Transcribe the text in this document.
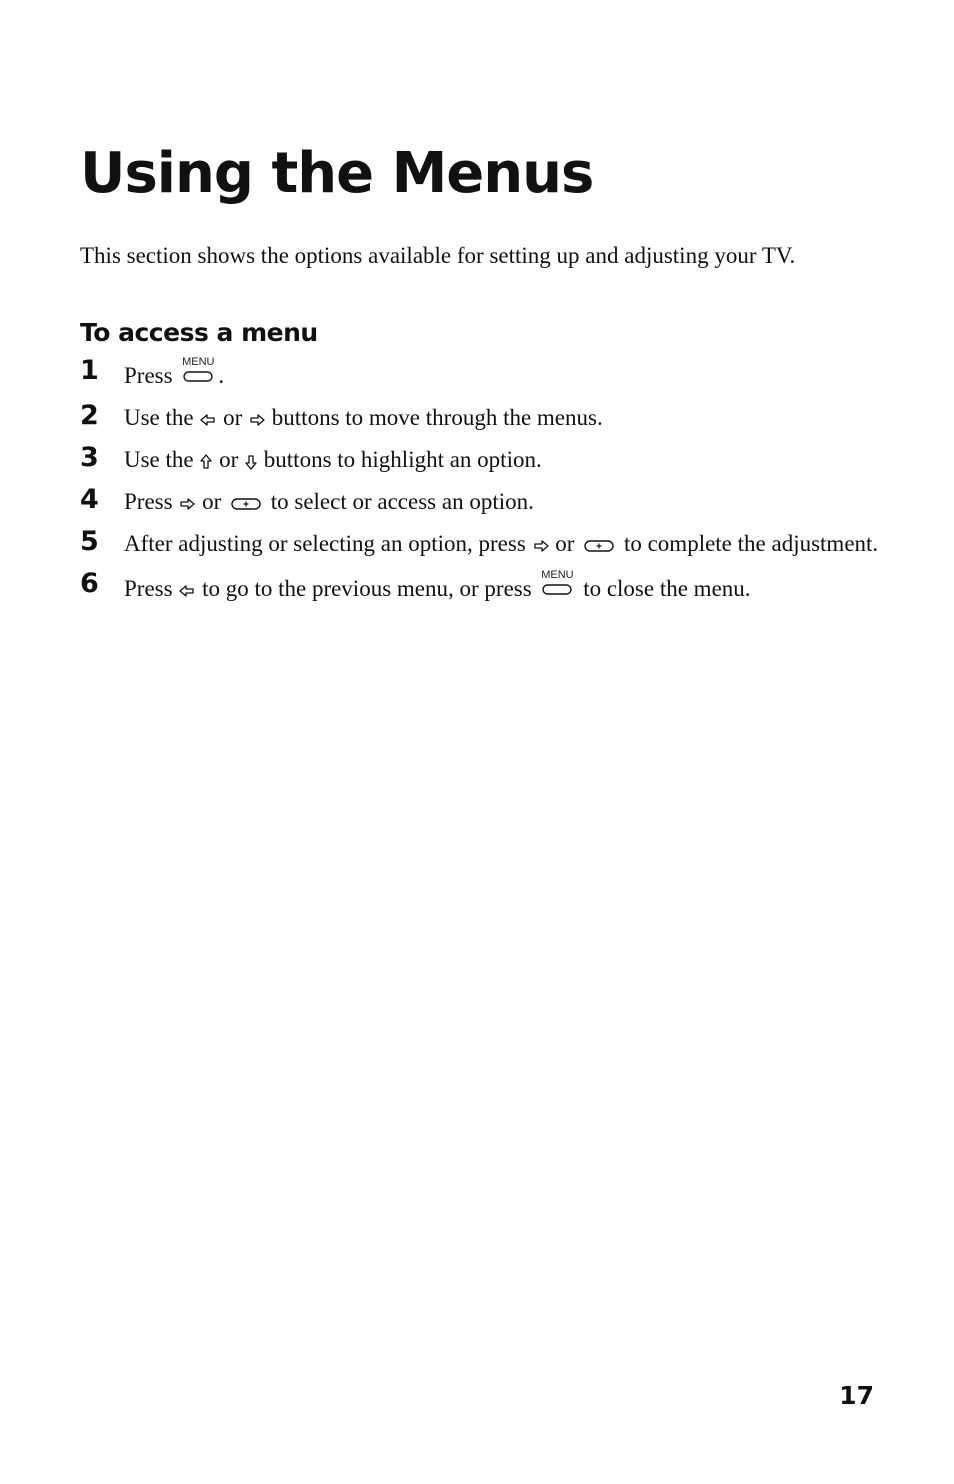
Using the Menus

This section shows the options available for setting up and adjusting your TV.

To access a menu
1 Press
MENU
.
2 Use the or buttons to move through the menus.
3 Use the or buttons to highlight an option.
4 Press or to select or access an option.
5 After adjusting or selecting an option, press or to complete the adjustment.
6 Press to go to the previous menu, or press
MENU
to close the menu.
17
